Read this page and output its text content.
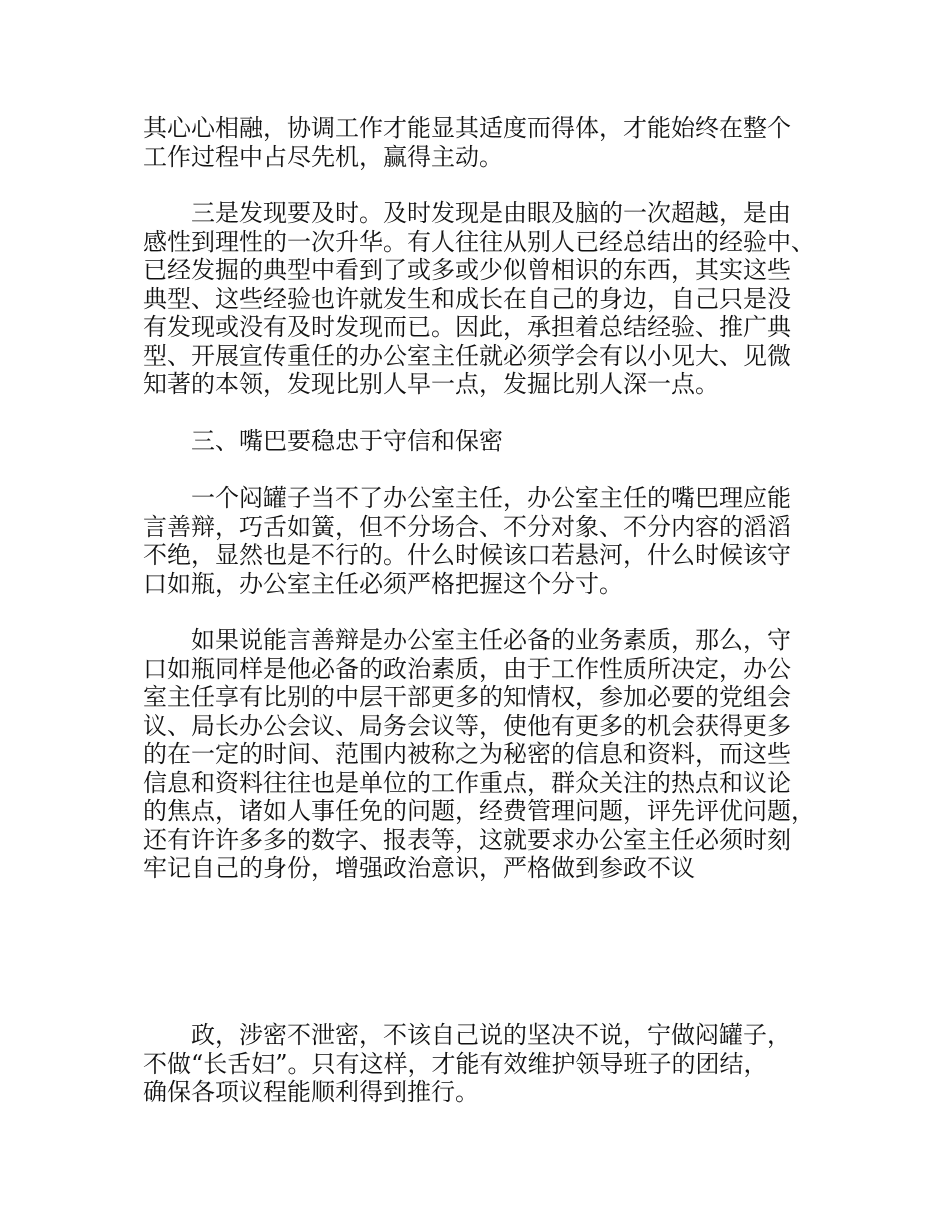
其心心相融，协调工作才能显其适度而得体，才能始终在整个
工作过程中占尽先机，赢得主动。
三是发现要及时。及时发现是由眼及脑的一次超越，是由
感性到理性的一次升华。有人往往从别人已经总结出的经验中、
已经发掘的典型中看到了或多或少似曾相识的东西，其实这些
典型、这些经验也许就发生和成长在自己的身边，自己只是没
有发现或没有及时发现而已。因此，承担着总结经验、推广典
型、开展宣传重任的办公室主任就必须学会有以小见大、见微
知著的本领，发现比别人早一点，发掘比别人深一点。
三、嘴巴要稳忠于守信和保密
一个闷罐子当不了办公室主任，办公室主任的嘴巴理应能
言善辩，巧舌如簧，但不分场合、不分对象、不分内容的滔滔
不绝，显然也是不行的。什么时候该口若悬河，什么时候该守
口如瓶，办公室主任必须严格把握这个分寸。
如果说能言善辩是办公室主任必备的业务素质，那么，守
口如瓶同样是他必备的政治素质，由于工作性质所决定，办公
室主任享有比别的中层干部更多的知情权，参加必要的党组会
议、局长办公会议、局务会议等，使他有更多的机会获得更多
的在一定的时间、范围内被称之为秘密的信息和资料，而这些
信息和资料往往也是单位的工作重点，群众关注的热点和议论
的焦点，诸如人事任免的问题，经费管理问题，评先评优问题，
还有许许多多的数字、报表等，这就要求办公室主任必须时刻
牢记自己的身份，增强政治意识，严格做到参政不议
政，涉密不泄密，不该自己说的坚决不说，宁做闷罐子，
不做“长舌妇”。只有这样，才能有效维护领导班子的团结，
确保各项议程能顺利得到推行。
